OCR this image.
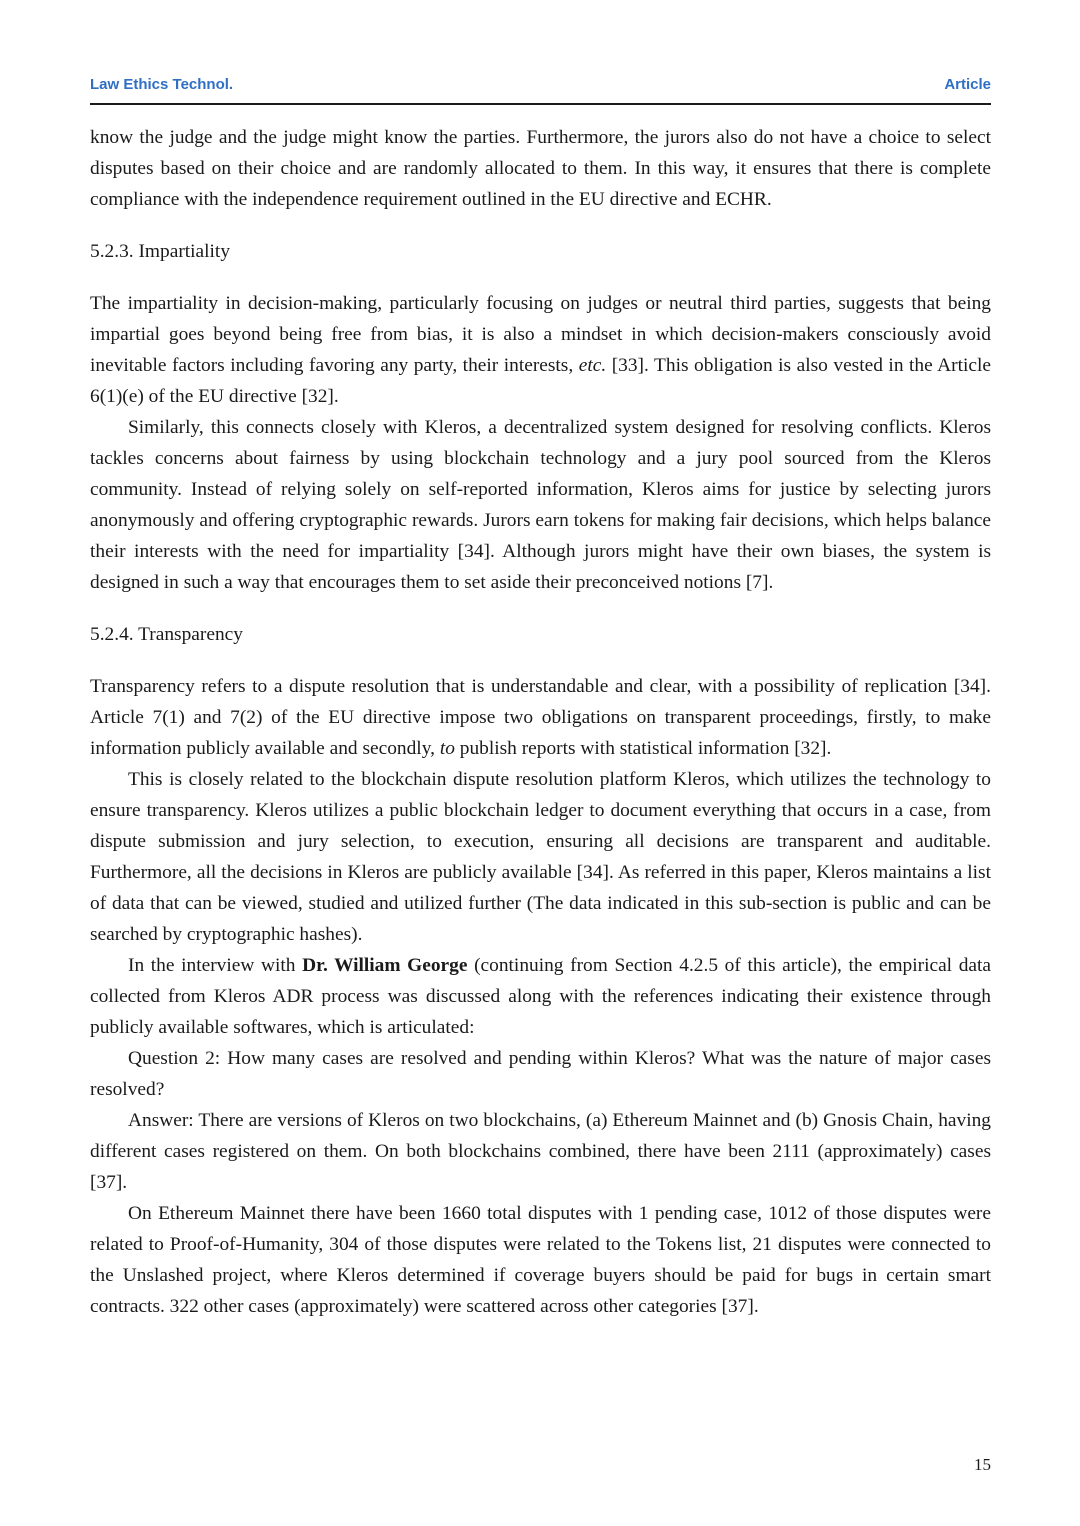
Law Ethics Technol.	Article

know the judge and the judge might know the parties. Furthermore, the jurors also do not have a choice to select disputes based on their choice and are randomly allocated to them. In this way, it ensures that there is complete compliance with the independence requirement outlined in the EU directive and ECHR.

5.2.3. Impartiality

The impartiality in decision-making, particularly focusing on judges or neutral third parties, suggests that being impartial goes beyond being free from bias, it is also a mindset in which decision-makers consciously avoid inevitable factors including favoring any party, their interests, etc. [33]. This obligation is also vested in the Article 6(1)(e) of the EU directive [32].

Similarly, this connects closely with Kleros, a decentralized system designed for resolving conflicts. Kleros tackles concerns about fairness by using blockchain technology and a jury pool sourced from the Kleros community. Instead of relying solely on self-reported information, Kleros aims for justice by selecting jurors anonymously and offering cryptographic rewards. Jurors earn tokens for making fair decisions, which helps balance their interests with the need for impartiality [34]. Although jurors might have their own biases, the system is designed in such a way that encourages them to set aside their preconceived notions [7].

5.2.4. Transparency

Transparency refers to a dispute resolution that is understandable and clear, with a possibility of replication [34]. Article 7(1) and 7(2) of the EU directive impose two obligations on transparent proceedings, firstly, to make information publicly available and secondly, to publish reports with statistical information [32].

This is closely related to the blockchain dispute resolution platform Kleros, which utilizes the technology to ensure transparency. Kleros utilizes a public blockchain ledger to document everything that occurs in a case, from dispute submission and jury selection, to execution, ensuring all decisions are transparent and auditable. Furthermore, all the decisions in Kleros are publicly available [34]. As referred in this paper, Kleros maintains a list of data that can be viewed, studied and utilized further (The data indicated in this sub-section is public and can be searched by cryptographic hashes).

In the interview with Dr. William George (continuing from Section 4.2.5 of this article), the empirical data collected from Kleros ADR process was discussed along with the references indicating their existence through publicly available softwares, which is articulated:

Question 2: How many cases are resolved and pending within Kleros? What was the nature of major cases resolved?

Answer: There are versions of Kleros on two blockchains, (a) Ethereum Mainnet and (b) Gnosis Chain, having different cases registered on them. On both blockchains combined, there have been 2111 (approximately) cases [37].

On Ethereum Mainnet there have been 1660 total disputes with 1 pending case, 1012 of those disputes were related to Proof-of-Humanity, 304 of those disputes were related to the Tokens list, 21 disputes were connected to the Unslashed project, where Kleros determined if coverage buyers should be paid for bugs in certain smart contracts. 322 other cases (approximately) were scattered across other categories [37].

15
